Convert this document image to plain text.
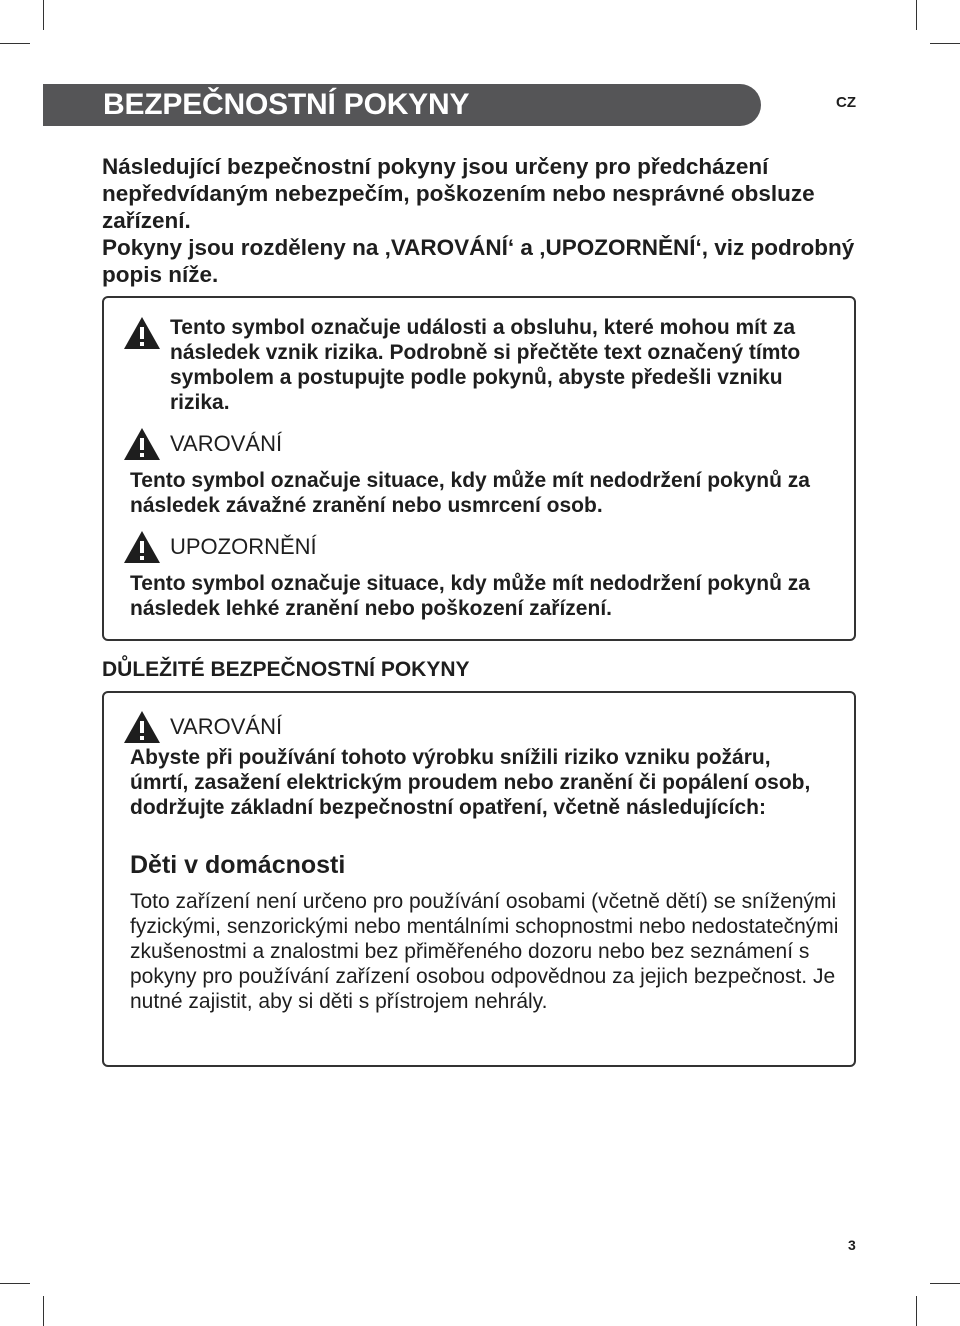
BEZPEČNOSTNÍ POKYNY	CZ

Následující bezpečnostní pokyny jsou určeny pro předcházení nepředvídaným nebezpečím, poškozením nebo nesprávné obsluze zařízení.

Pokyny jsou rozděleny na ‚VAROVÁNÍ‘ a ‚UPOZORNĚNÍ‘, viz podrobný popis níže.

Tento symbol označuje události a obsluhu, které mohou mít za následek vznik rizika. Podrobně si přečtěte text označený tímto symbolem a postupujte podle pokynů, abyste předešli vzniku rizika.

VAROVÁNÍ

Tento symbol označuje situace, kdy může mít nedodržení pokynů za následek závažné zranění nebo usmrcení osob.

UPOZORNĚNÍ

Tento symbol označuje situace, kdy může mít nedodržení pokynů za následek lehké zranění nebo poškození zařízení.

DŮLEŽITÉ BEZPEČNOSTNÍ POKYNY
VAROVÁNÍ

Abyste při používání tohoto výrobku snížili riziko vzniku požáru, úmrtí, zasažení elektrickým proudem nebo zranění či popálení osob, dodržujte základní bezpečnostní opatření, včetně následujících:

Děti v domácnosti

Toto zařízení není určeno pro používání osobami (včetně dětí) se sníženými fyzickými, senzorickými nebo mentálními schopnostmi nebo nedostatečnými zkušenostmi a znalostmi bez přiměřeného dozoru nebo bez seznámení s pokyny pro používání zařízení osobou odpovědnou za jejich bezpečnost. Je nutné zajistit, aby si děti s přístrojem nehrály.

3
